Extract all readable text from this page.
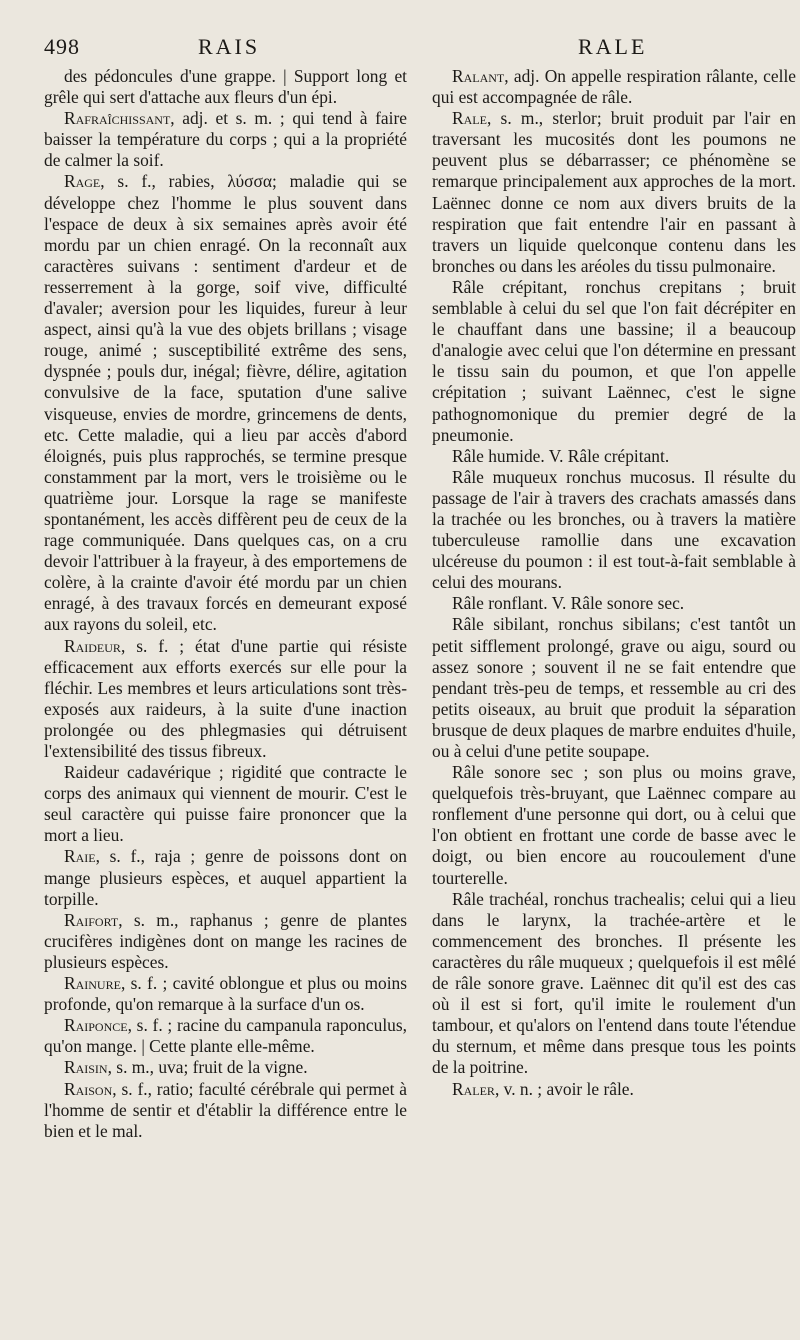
498	RAIS	RALE

des pédoncules d'une grappe. | Support long et grêle qui sert d'attache aux fleurs d'un épi.

Rafraîchissant, adj. et s. m. ; qui tend à faire baisser la température du corps ; qui a la propriété de calmer la soif.

Rage, s. f., rabies, λύσσα; maladie qui se développe chez l'homme le plus souvent dans l'espace de deux à six semaines après avoir été mordu par un chien enragé. On la reconnaît aux caractères suivans : sentiment d'ardeur et de resserrement à la gorge, soif vive, difficulté d'avaler; aversion pour les liquides, fureur à leur aspect, ainsi qu'à la vue des objets brillans ; visage rouge, animé ; susceptibilité extrême des sens, dyspnée ; pouls dur, inégal; fièvre, délire, agitation convulsive de la face, sputation d'une salive visqueuse, envies de mordre, grincemens de dents, etc. Cette maladie, qui a lieu par accès d'abord éloignés, puis plus rapprochés, se termine presque constamment par la mort, vers le troisième ou le quatrième jour. Lorsque la rage se manifeste spontanément, les accès diffèrent peu de ceux de la rage communiquée. Dans quelques cas, on a cru devoir l'attribuer à la frayeur, à des emportemens de colère, à la crainte d'avoir été mordu par un chien enragé, à des travaux forcés en demeurant exposé aux rayons du soleil, etc.

Raideur, s. f. ; état d'une partie qui résiste efficacement aux efforts exercés sur elle pour la fléchir. Les membres et leurs articulations sont très-exposés aux raideurs, à la suite d'une inaction prolongée ou des phlegmasies qui détruisent l'extensibilité des tissus fibreux.

Raideur cadavérique ; rigidité que contracte le corps des animaux qui viennent de mourir. C'est le seul caractère qui puisse faire prononcer que la mort a lieu.

Raie, s. f., raja ; genre de poissons dont on mange plusieurs espèces, et auquel appartient la torpille.

Raifort, s. m., raphanus ; genre de plantes crucifères indigènes dont on mange les racines de plusieurs espèces.

Rainure, s. f. ; cavité oblongue et plus ou moins profonde, qu'on remarque à la surface d'un os.

Raiponce, s. f. ; racine du campanula raponculus, qu'on mange. | Cette plante elle-même.

Raisin, s. m., uva; fruit de la vigne.

Raison, s. f., ratio; faculté cérébrale qui permet à l'homme de sentir et d'établir la différence entre le bien et le mal.

Ralant, adj. On appelle respiration râlante, celle qui est accompagnée de râle.

Rale, s. m., sterlor; bruit produit par l'air en traversant les mucosités dont les poumons ne peuvent plus se débarrasser; ce phénomène se remarque principalement aux approches de la mort. Laënnec donne ce nom aux divers bruits de la respiration que fait entendre l'air en passant à travers un liquide quelconque contenu dans les bronches ou dans les aréoles du tissu pulmonaire.

Râle crépitant, ronchus crepitans ; bruit semblable à celui du sel que l'on fait décrépiter en le chauffant dans une bassine; il a beaucoup d'analogie avec celui que l'on détermine en pressant le tissu sain du poumon, et que l'on appelle crépitation ; suivant Laënnec, c'est le signe pathognomonique du premier degré de la pneumonie.

Râle humide. V. Râle crépitant.

Râle muqueux ronchus mucosus. Il résulte du passage de l'air à travers des crachats amassés dans la trachée ou les bronches, ou à travers la matière tuberculeuse ramollie dans une excavation ulcéreuse du poumon : il est tout-à-fait semblable à celui des mourans.

Râle ronflant. V. Râle sonore sec.

Râle sibilant, ronchus sibilans; c'est tantôt un petit sifflement prolongé, grave ou aigu, sourd ou assez sonore ; souvent il ne se fait entendre que pendant très-peu de temps, et ressemble au cri des petits oiseaux, au bruit que produit la séparation brusque de deux plaques de marbre enduites d'huile, ou à celui d'une petite soupape.

Râle sonore sec ; son plus ou moins grave, quelquefois très-bruyant, que Laënnec compare au ronflement d'une personne qui dort, ou à celui que l'on obtient en frottant une corde de basse avec le doigt, ou bien encore au roucoulement d'une tourterelle.

Râle trachéal, ronchus trachealis; celui qui a lieu dans le larynx, la trachée-artère et le commencement des bronches. Il présente les caractères du râle muqueux ; quelquefois il est mêlé de râle sonore grave. Laënnec dit qu'il est des cas où il est si fort, qu'il imite le roulement d'un tambour, et qu'alors on l'entend dans toute l'étendue du sternum, et même dans presque tous les points de la poitrine.

Raler, v. n. ; avoir le râle.
